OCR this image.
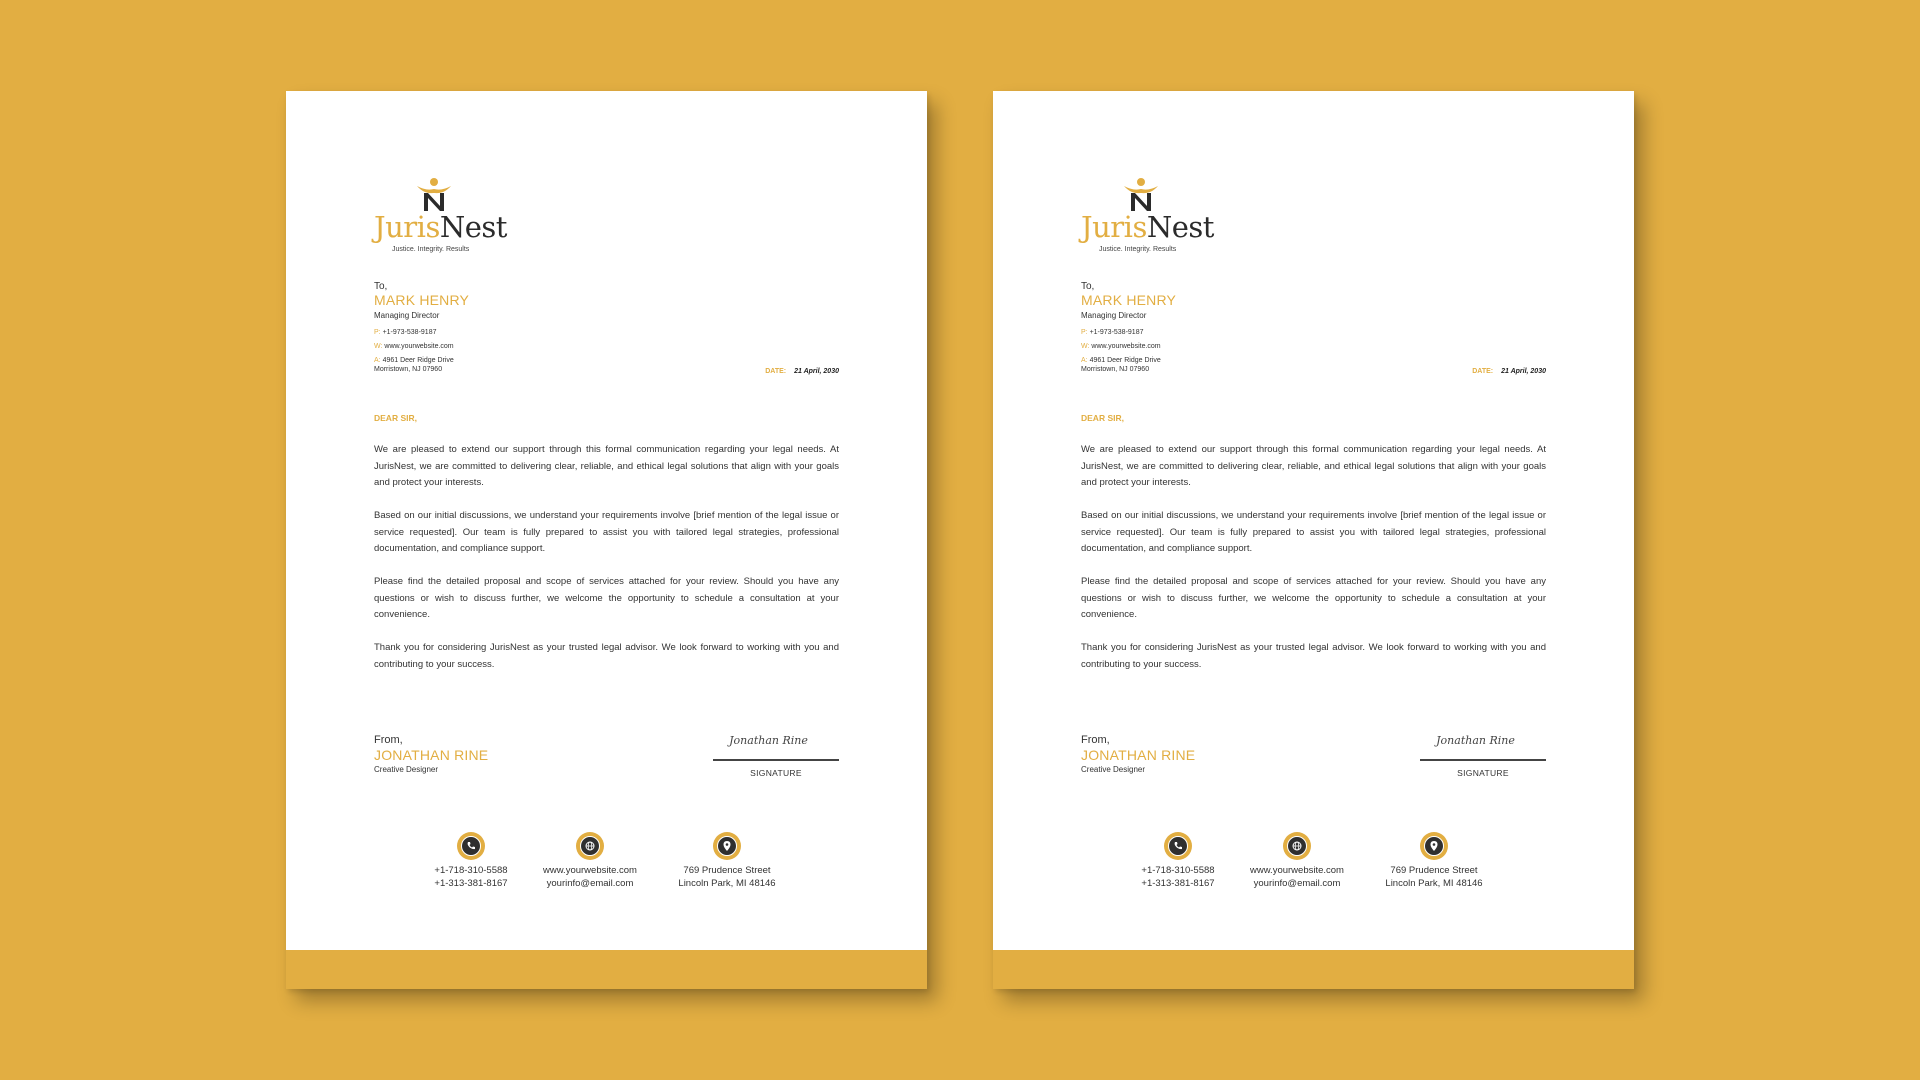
JurisNest
Justice. Integrity. Results
To,
MARK HENRY
Managing Director
P: +1-973-538-9187
W: www.yourwebsite.com
A: 4961 Deer Ridge Drive
Morristown, NJ 07960	DATE: 21 April, 2030
DEAR SIR,

We are pleased to extend our support through this formal communication regarding your legal needs. At JurisNest, we are committed to delivering clear, reliable, and ethical legal solutions that align with your goals and protect your interests.

Based on our initial discussions, we understand your requirements involve [brief mention of the legal issue or service requested]. Our team is fully prepared to assist you with tailored legal strategies, professional documentation, and compliance support.

Please find the detailed proposal and scope of services attached for your review. Should you have any questions or wish to discuss further, we welcome the opportunity to schedule a consultation at your convenience.

Thank you for considering JurisNest as your trusted legal advisor. We look forward to working with you and contributing to your success.

From,
JONATHAN RINE
Creative Designer
Jonathan Rine
SIGNATURE
+1-718-310-5588
+1-313-381-8167
www.yourwebsite.com
yourinfo@email.com
769 Prudence Street
Lincoln Park, MI 48146
JurisNest
Justice. Integrity. Results
To,
MARK HENRY
Managing Director
P: +1-973-538-9187
W: www.yourwebsite.com
A: 4961 Deer Ridge Drive
Morristown, NJ 07960	DATE: 21 April, 2030
DEAR SIR,

We are pleased to extend our support through this formal communication regarding your legal needs. At JurisNest, we are committed to delivering clear, reliable, and ethical legal solutions that align with your goals and protect your interests.

Based on our initial discussions, we understand your requirements involve [brief mention of the legal issue or service requested]. Our team is fully prepared to assist you with tailored legal strategies, professional documentation, and compliance support.

Please find the detailed proposal and scope of services attached for your review. Should you have any questions or wish to discuss further, we welcome the opportunity to schedule a consultation at your convenience.

Thank you for considering JurisNest as your trusted legal advisor. We look forward to working with you and contributing to your success.

From,
JONATHAN RINE
Creative Designer
Jonathan Rine
SIGNATURE
+1-718-310-5588
+1-313-381-8167
www.yourwebsite.com
yourinfo@email.com
769 Prudence Street
Lincoln Park, MI 48146
